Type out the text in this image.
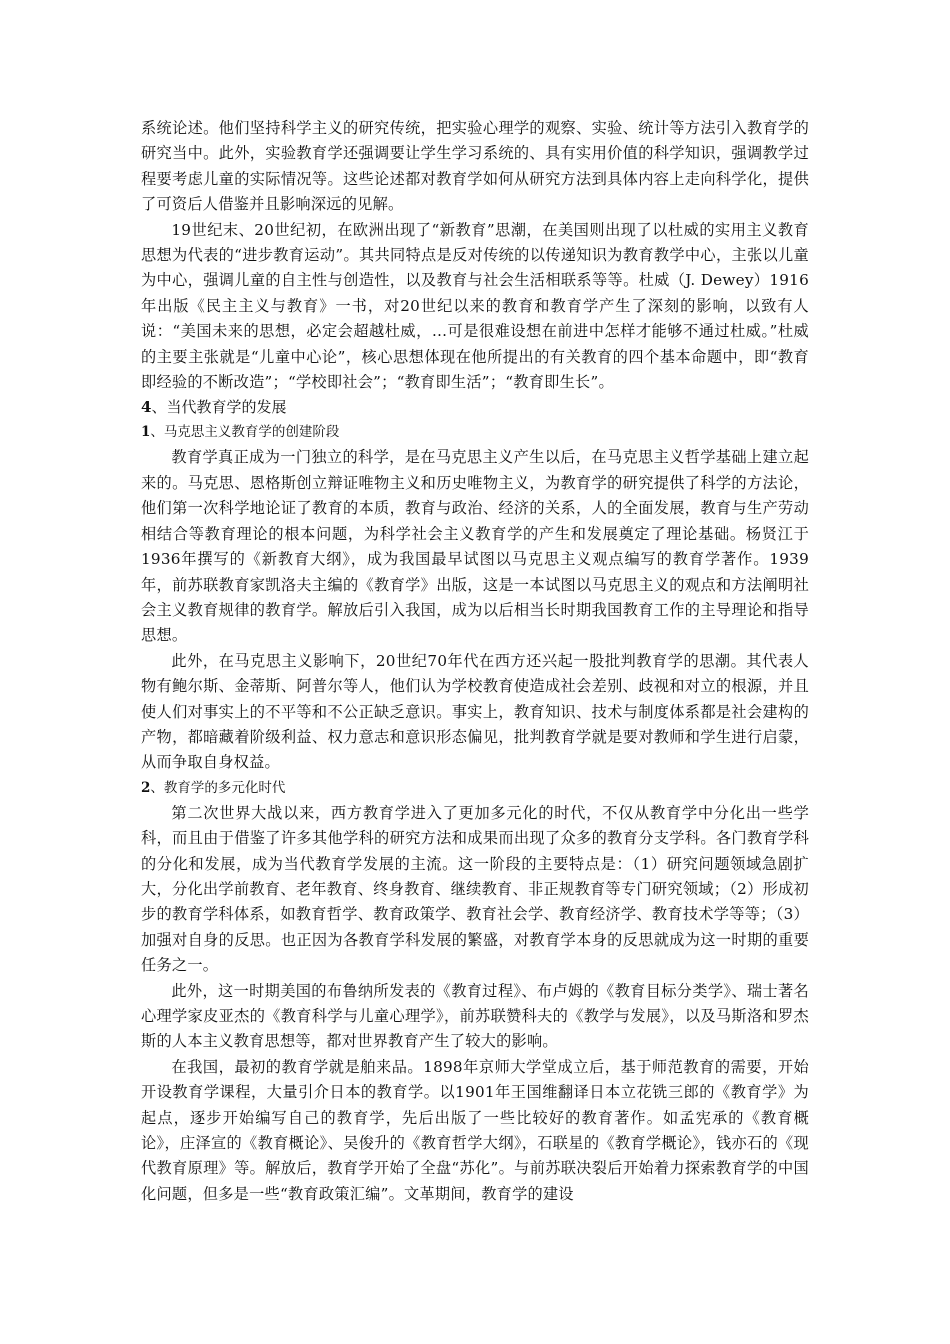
系统论述。他们坚持科学主义的研究传统，把实验心理学的观察、实验、统计等方法引入教育学的研究当中。此外，实验教育学还强调要让学生学习系统的、具有实用价值的科学知识，强调教学过程要考虑儿童的实际情况等。这些论述都对教育学如何从研究方法到具体内容上走向科学化，提供了可资后人借鉴并且影响深远的见解。

19世纪末、20世纪初，在欧洲出现了“新教育”思潮，在美国则出现了以杜威的实用主义教育思想为代表的“进步教育运动”。其共同特点是反对传统的以传递知识为教育教学中心，主张以儿童为中心，强调儿童的自主性与创造性，以及教育与社会生活相联系等等。杜威（J. Dewey）1916年出版《民主主义与教育》一书，对20世纪以来的教育和教育学产生了深刻的影响，以致有人说：“美国未来的思想，必定会超越杜威，…可是很难设想在前进中怎样才能够不通过杜威。”杜威的主要主张就是“儿童中心论”，核心思想体现在他所提出的有关教育的四个基本命题中，即“教育即经验的不断改造”；“学校即社会”；“教育即生活”；“教育即生长”。

4、当代教育学的发展

1、马克思主义教育学的创建阶段

教育学真正成为一门独立的科学，是在马克思主义产生以后，在马克思主义哲学基础上建立起来的。马克思、恩格斯创立辩证唯物主义和历史唯物主义，为教育学的研究提供了科学的方法论，他们第一次科学地论证了教育的本质，教育与政治、经济的关系，人的全面发展，教育与生产劳动相结合等教育理论的根本问题，为科学社会主义教育学的产生和发展奠定了理论基础。杨贤江于1936年撰写的《新教育大纲》，成为我国最早试图以马克思主义观点编写的教育学著作。1939年，前苏联教育家凯洛夫主编的《教育学》出版，这是一本试图以马克思主义的观点和方法阐明社会主义教育规律的教育学。解放后引入我国，成为以后相当长时期我国教育工作的主导理论和指导思想。

此外，在马克思主义影响下，20世纪70年代在西方还兴起一股批判教育学的思潮。其代表人物有鲍尔斯、金蒂斯、阿普尔等人，他们认为学校教育使造成社会差别、歧视和对立的根源，并且使人们对事实上的不平等和不公正缺乏意识。事实上，教育知识、技术与制度体系都是社会建构的产物，都暗藏着阶级利益、权力意志和意识形态偏见，批判教育学就是要对教师和学生进行启蒙，从而争取自身权益。

2、教育学的多元化时代

第二次世界大战以来，西方教育学进入了更加多元化的时代，不仅从教育学中分化出一些学科，而且由于借鉴了许多其他学科的研究方法和成果而出现了众多的教育分支学科。各门教育学科的分化和发展，成为当代教育学发展的主流。这一阶段的主要特点是：（1）研究问题领域急剧扩大，分化出学前教育、老年教育、终身教育、继续教育、非正规教育等专门研究领域；（2）形成初步的教育学科体系，如教育哲学、教育政策学、教育社会学、教育经济学、教育技术学等等；（3）加强对自身的反思。也正因为各教育学科发展的繁盛，对教育学本身的反思就成为这一时期的重要任务之一。

此外，这一时期美国的布鲁纳所发表的《教育过程》、布卢姆的《教育目标分类学》、瑞士著名心理学家皮亚杰的《教育科学与儿童心理学》，前苏联赞科夫的《教学与发展》，以及马斯洛和罗杰斯的人本主义教育思想等，都对世界教育产生了较大的影响。

在我国，最初的教育学就是舶来品。1898年京师大学堂成立后，基于师范教育的需要，开始开设教育学课程，大量引介日本的教育学。以1901年王国维翻译日本立花铣三郎的《教育学》为起点，逐步开始编写自己的教育学，先后出版了一些比较好的教育著作。如孟宪承的《教育概论》，庄泽宣的《教育概论》、吴俊升的《教育哲学大纲》，石联星的《教育学概论》，钱亦石的《现代教育原理》等。解放后，教育学开始了全盘“苏化”。与前苏联决裂后开始着力探索教育学的中国化问题，但多是一些“教育政策汇编”。文革期间，教育学的建设
